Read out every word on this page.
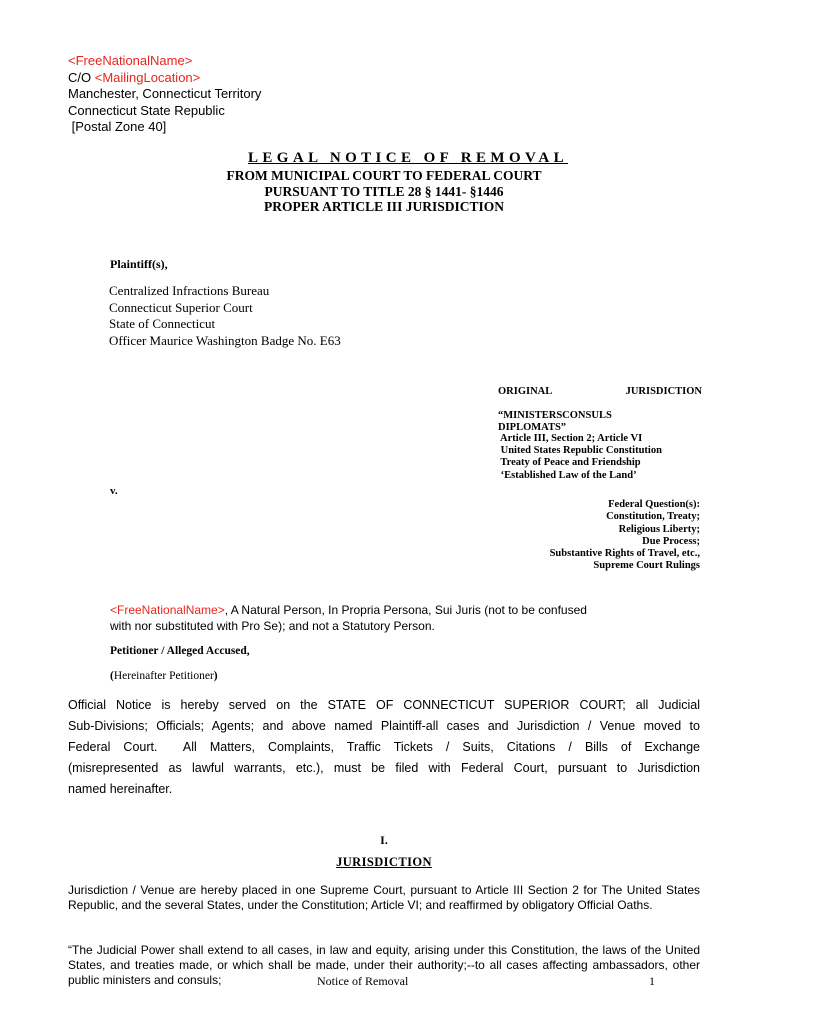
<FreeNationalName>
C/O <MailingLocation>
Manchester, Connecticut Territory
Connecticut State Republic
[Postal Zone 40]
LEGAL NOTICE OF REMOVAL
FROM MUNICIPAL COURT TO FEDERAL COURT
PURSUANT TO TITLE 28 § 1441- §1446
PROPER ARTICLE III JURISDICTION
Plaintiff(s),
Centralized Infractions Bureau
Connecticut Superior Court
State of Connecticut
Officer Maurice Washington Badge No. E63
ORIGINAL	JURISDICTION
“MINISTERSCONSULS
DIPLOMATS”
Article III, Section 2; Article VI
United States Republic Constitution
Treaty of Peace and Friendship
‘Established Law of the Land’
v.
Federal Question(s):
Constitution, Treaty;
Religious Liberty;
Due Process;
Substantive Rights of Travel, etc.,
Supreme Court Rulings
<FreeNationalName>, A Natural Person, In Propria Persona, Sui Juris (not to be confused
with nor substituted with Pro Se); and not a Statutory Person.
Petitioner / Alleged Accused,
(Hereinafter Petitioner)
Official Notice is hereby served on the STATE OF CONNECTICUT SUPERIOR COURT; all Judicial
Sub-Divisions; Officials; Agents; and above named Plaintiff-all cases and Jurisdiction / Venue moved to
Federal Court.  All Matters, Complaints, Traffic Tickets / Suits, Citations / Bills of Exchange
(misrepresented as lawful warrants, etc.), must be filed with Federal Court, pursuant to Jurisdiction
named hereinafter.
I.
JURISDICTION
Jurisdiction / Venue are hereby placed in one Supreme Court, pursuant to Article III Section 2 for The United States Republic, and the several States, under the Constitution; Article VI; and reaffirmed by obligatory Official Oaths.
“The Judicial Power shall extend to all cases, in law and equity, arising under this Constitution, the laws of the United States, and treaties made, or which shall be made, under their authority;--to all cases affecting ambassadors, other public ministers and consuls;	Notice of Removal	1
